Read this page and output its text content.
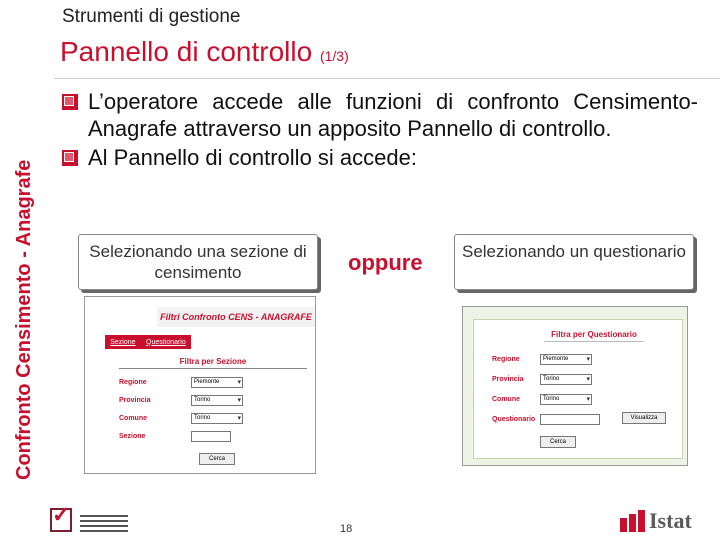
Confronto Censimento - Anagrafe
Strumenti di gestione
Pannello di controllo (1/3)
L’operatore accede alle funzioni di confronto Censimento-Anagrafe attraverso un apposito Pannello di controllo.
Al Pannello di controllo si accede:
Selezionando una sezione di censimento	oppure	Selezionando un questionario
Filtri Confronto CENS - ANAGRAFE
Sezione Questionario
Filtra per Sezione
Regione	Piemonte ▾
Provincia	Torino ▾
Comune	Torino ▾
Sezione
Cerca
Filtra per Questionario
Regione	Piemonte ▾
Provincia	Torino ▾
Comune	Torino ▾
Questionario	Visualizza
Cerca
✓
18	Istat
